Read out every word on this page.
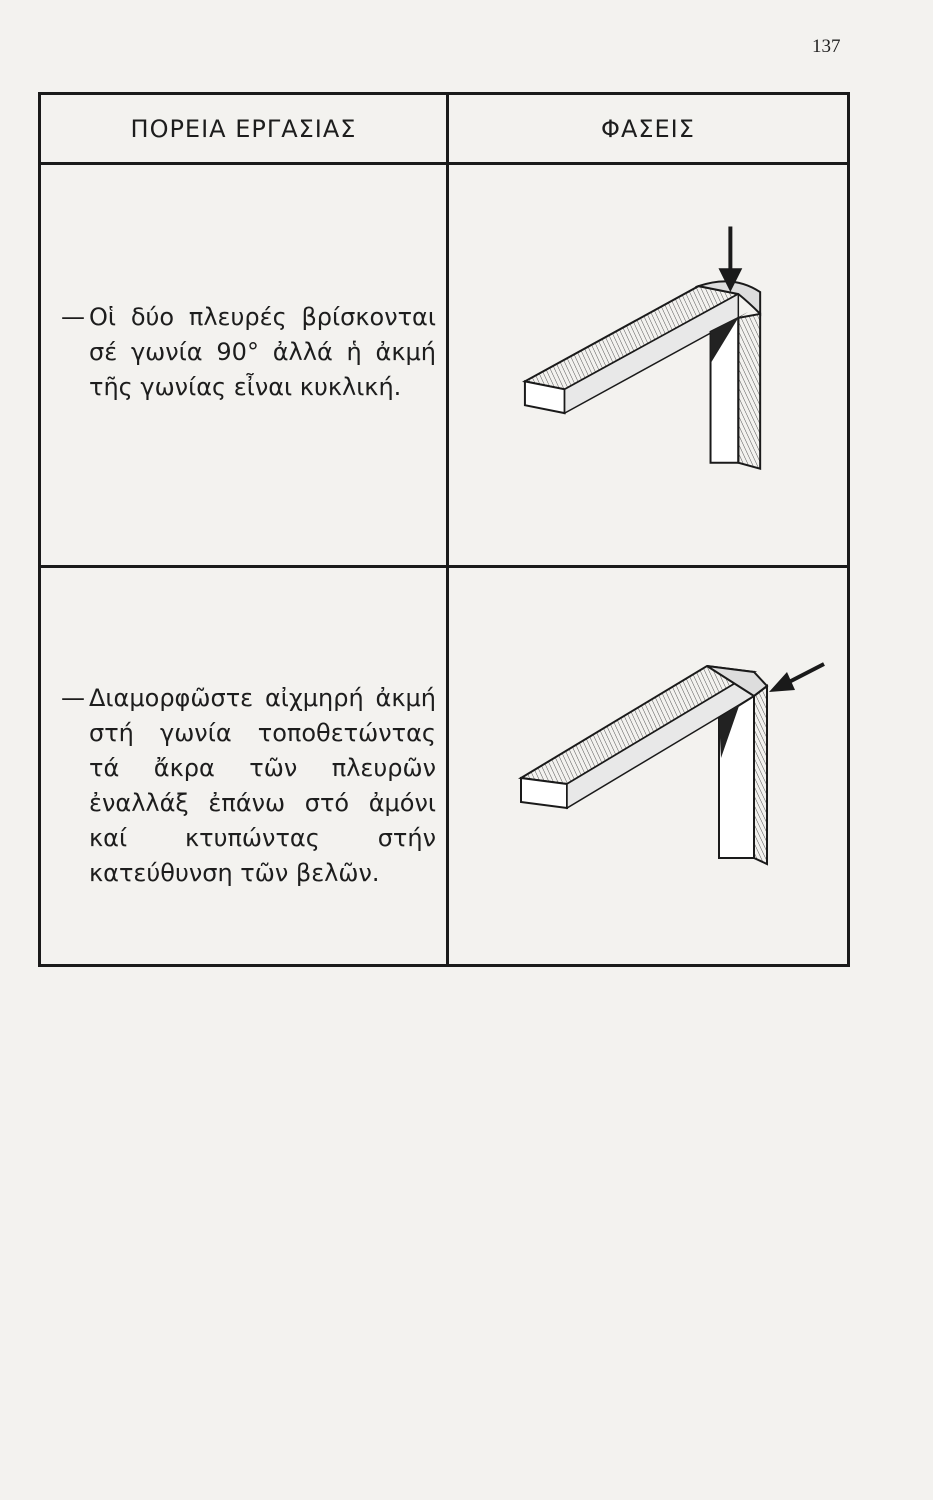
137
ΠΟΡΕΙΑ ΕΡΓΑΣΙΑΣ	ΦΑΣΕΙΣ
— Οἱ δύο πλευρές βρίσκονται σέ γωνία 90° ἀλλά ἡ ἀκμή τῆς γωνίας εἶναι κυκλική.
— Διαμορφῶστε αἰχμηρή ἀκμή στή γωνία τοποθετώντας τά ἄκρα τῶν πλευρῶν ἐναλλάξ ἐπάνω στό ἀμόνι καί κτυπώντας στήν κατεύθυνση τῶν βελῶν.
